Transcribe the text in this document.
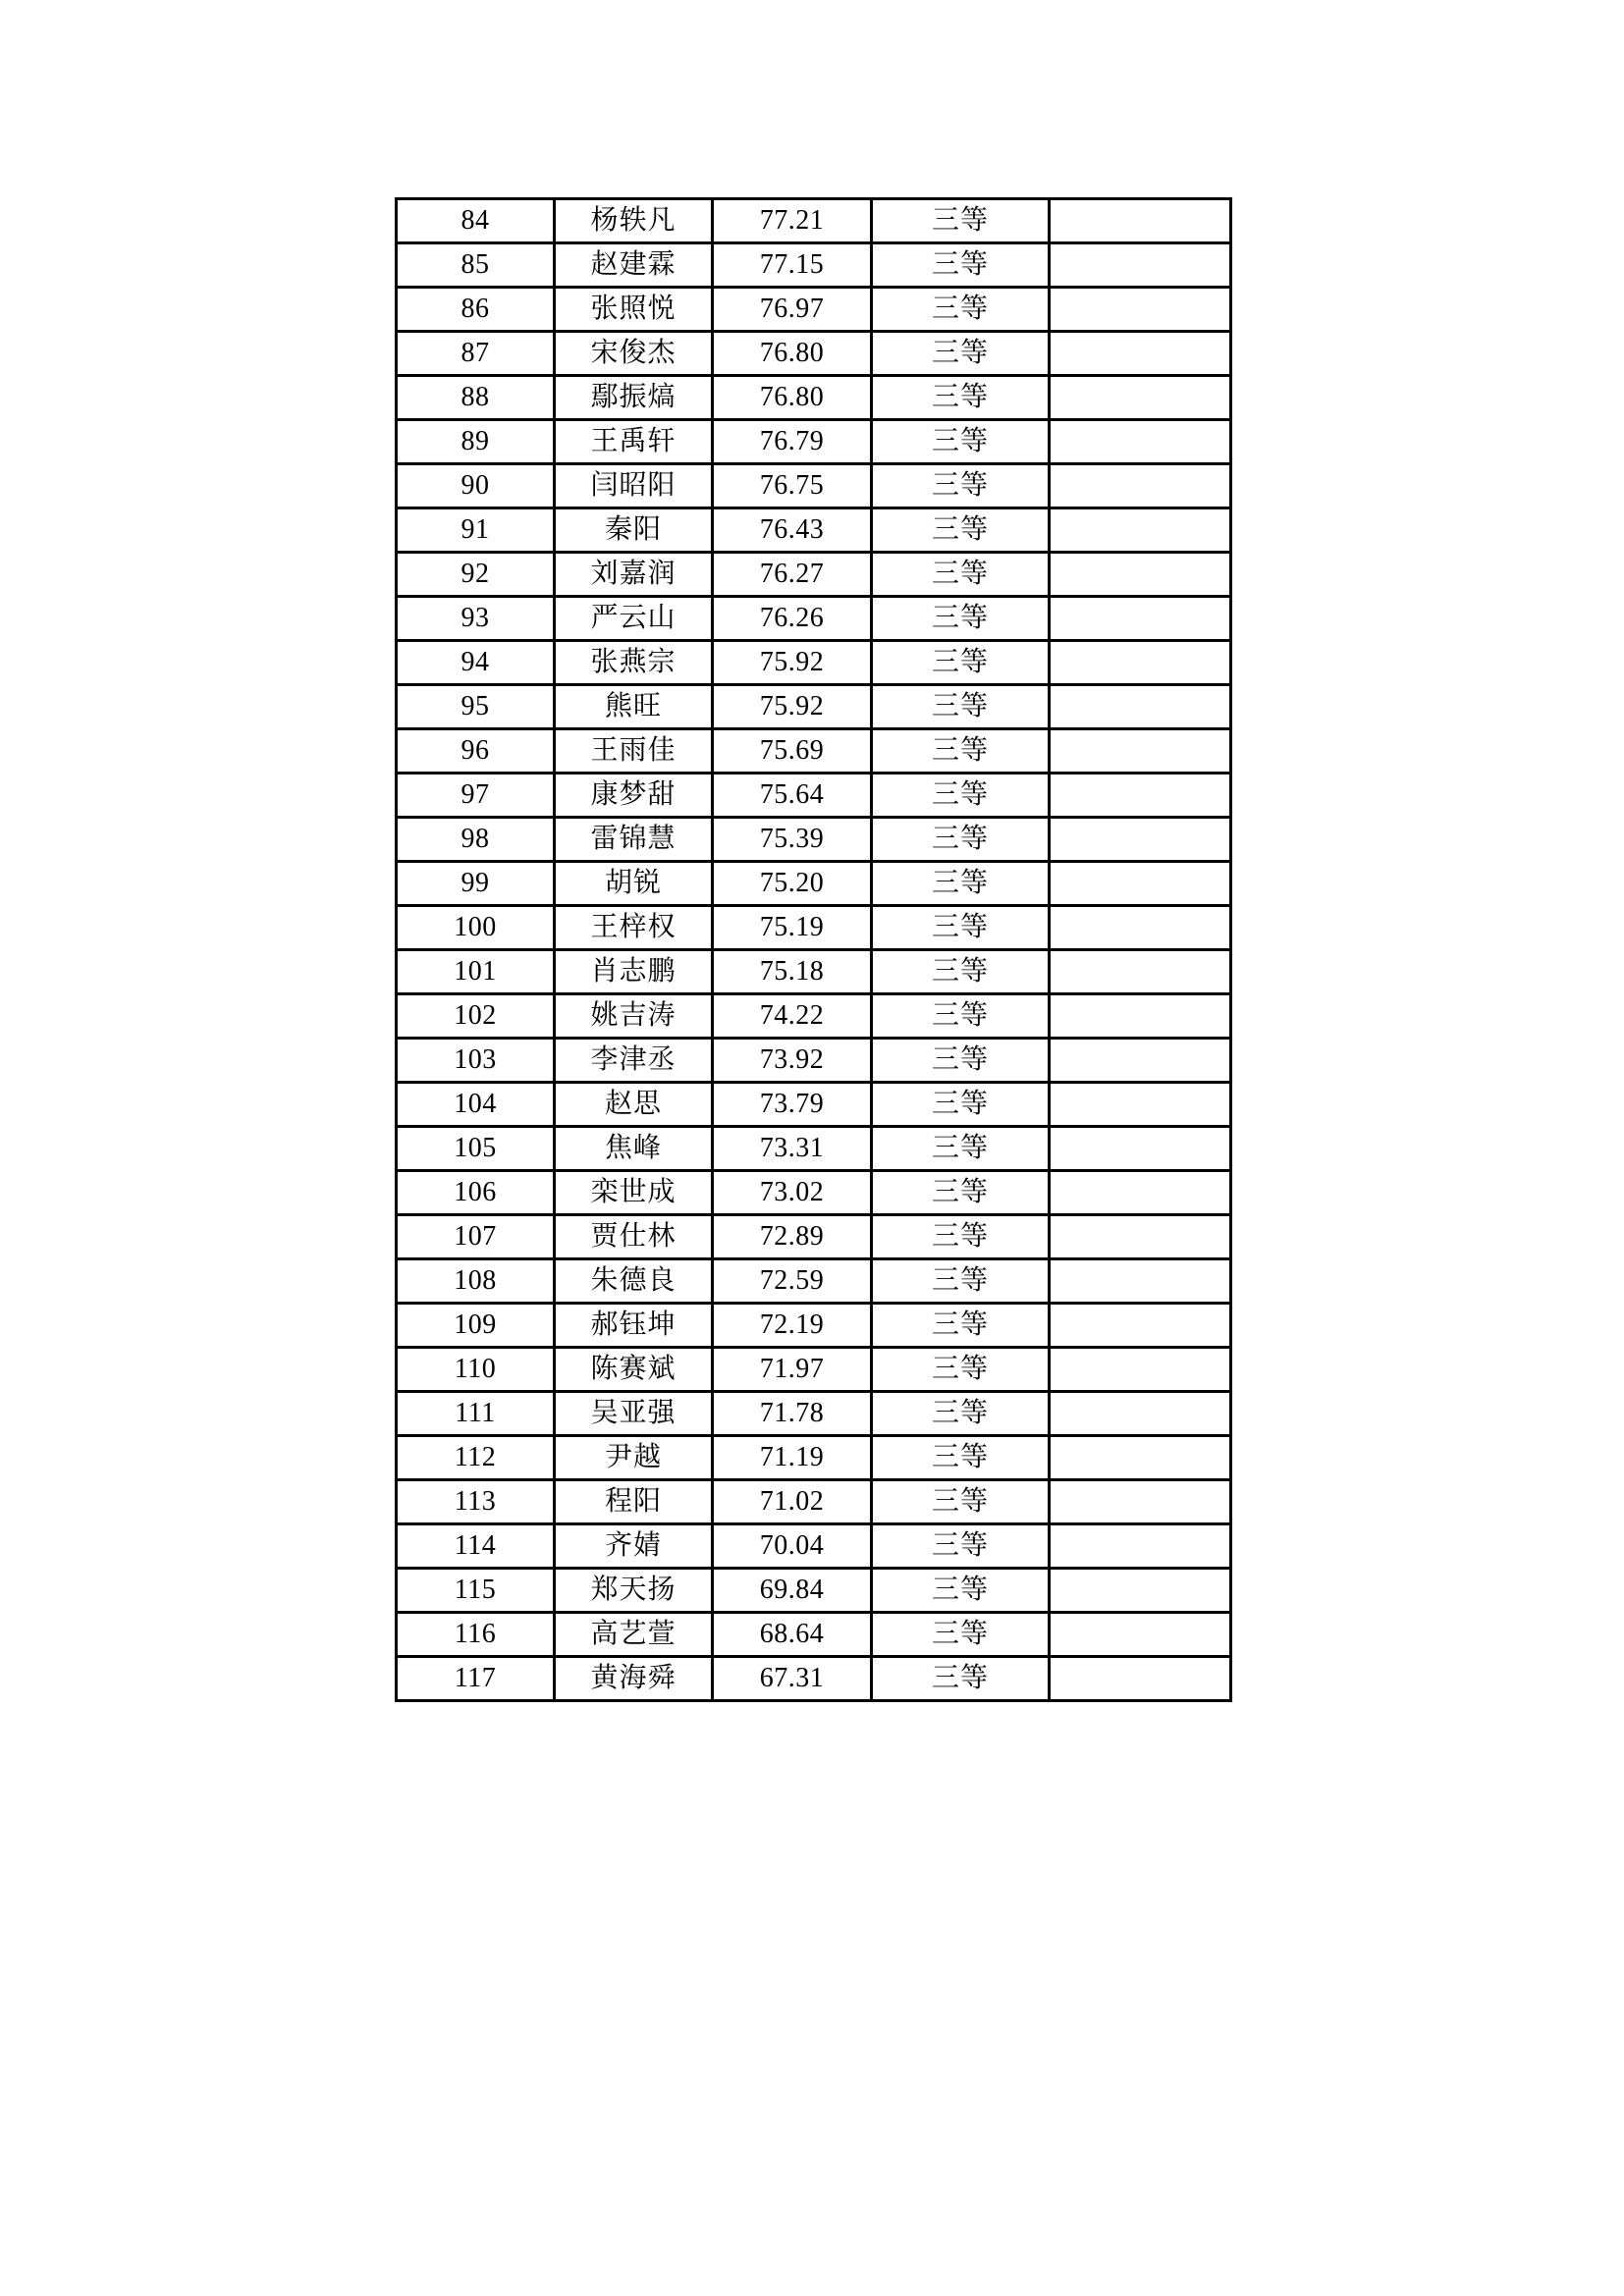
84	杨轶凡	77.21	三等	
85	赵建霖	77.15	三等	
86	张照悦	76.97	三等	
87	宋俊杰	76.80	三等	
88	鄢振熇	76.80	三等	
89	王禹轩	76.79	三等	
90	闫昭阳	76.75	三等	
91	秦阳	76.43	三等	
92	刘嘉润	76.27	三等	
93	严云山	76.26	三等	
94	张燕宗	75.92	三等	
95	熊旺	75.92	三等	
96	王雨佳	75.69	三等	
97	康梦甜	75.64	三等	
98	雷锦慧	75.39	三等	
99	胡锐	75.20	三等	
100	王梓权	75.19	三等	
101	肖志鹏	75.18	三等	
102	姚吉涛	74.22	三等	
103	李津丞	73.92	三等	
104	赵思	73.79	三等	
105	焦峰	73.31	三等	
106	栾世成	73.02	三等	
107	贾仕林	72.89	三等	
108	朱德良	72.59	三等	
109	郝钰坤	72.19	三等	
110	陈赛斌	71.97	三等	
111	吴亚强	71.78	三等	
112	尹越	71.19	三等	
113	程阳	71.02	三等	
114	齐婧	70.04	三等	
115	郑天扬	69.84	三等	
116	高艺萱	68.64	三等	
117	黄海舜	67.31	三等	
